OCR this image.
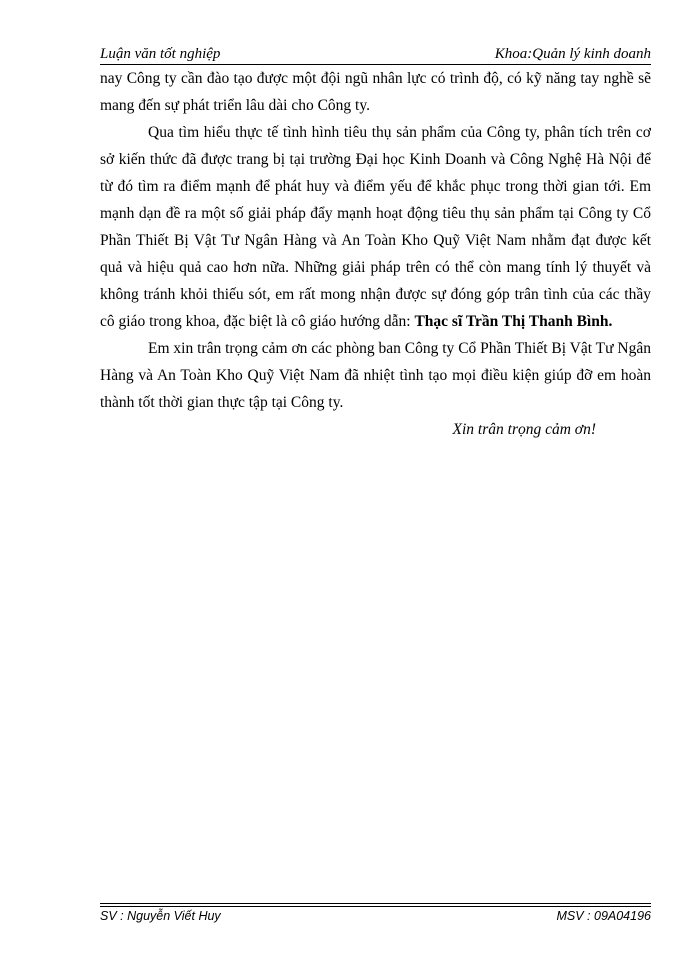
Luận văn tốt nghiệp	Khoa:Quản lý kinh doanh

nay Công ty cần đào tạo được một đội ngũ nhân lực có trình độ, có kỹ năng tay nghề sẽ mang đến sự phát triển lâu dài cho Công ty.

Qua tìm hiểu thực tế tình hình tiêu thụ sản phẩm của Công ty, phân tích trên cơ sở kiến thức đã được trang bị tại trường Đại học Kinh Doanh và Công Nghệ Hà Nội để từ đó tìm ra điểm mạnh để phát huy và điểm yếu để khắc phục trong thời gian tới. Em mạnh dạn đề ra một số giải pháp đẩy mạnh hoạt động tiêu thụ sản phẩm tại Công ty Cổ Phần Thiết Bị Vật Tư Ngân Hàng và An Toàn Kho Quỹ Việt Nam nhằm đạt được kết quả và hiệu quả cao hơn nữa. Những giải pháp trên có thể còn mang tính lý thuyết và không tránh khỏi thiếu sót, em rất mong nhận được sự đóng góp trân tình của các thầy cô giáo trong khoa, đặc biệt là cô giáo hướng dẫn: Thạc sĩ Trần Thị Thanh Bình.

Em xin trân trọng cảm ơn các phòng ban Công ty Cổ Phần Thiết Bị Vật Tư Ngân Hàng và An Toàn Kho Quỹ Việt Nam đã nhiệt tình tạo mọi điều kiện giúp đỡ em hoàn thành tốt thời gian thực tập tại Công ty.

Xin trân trọng cảm ơn!

SV : Nguyễn Viết Huy	MSV : 09A04196
